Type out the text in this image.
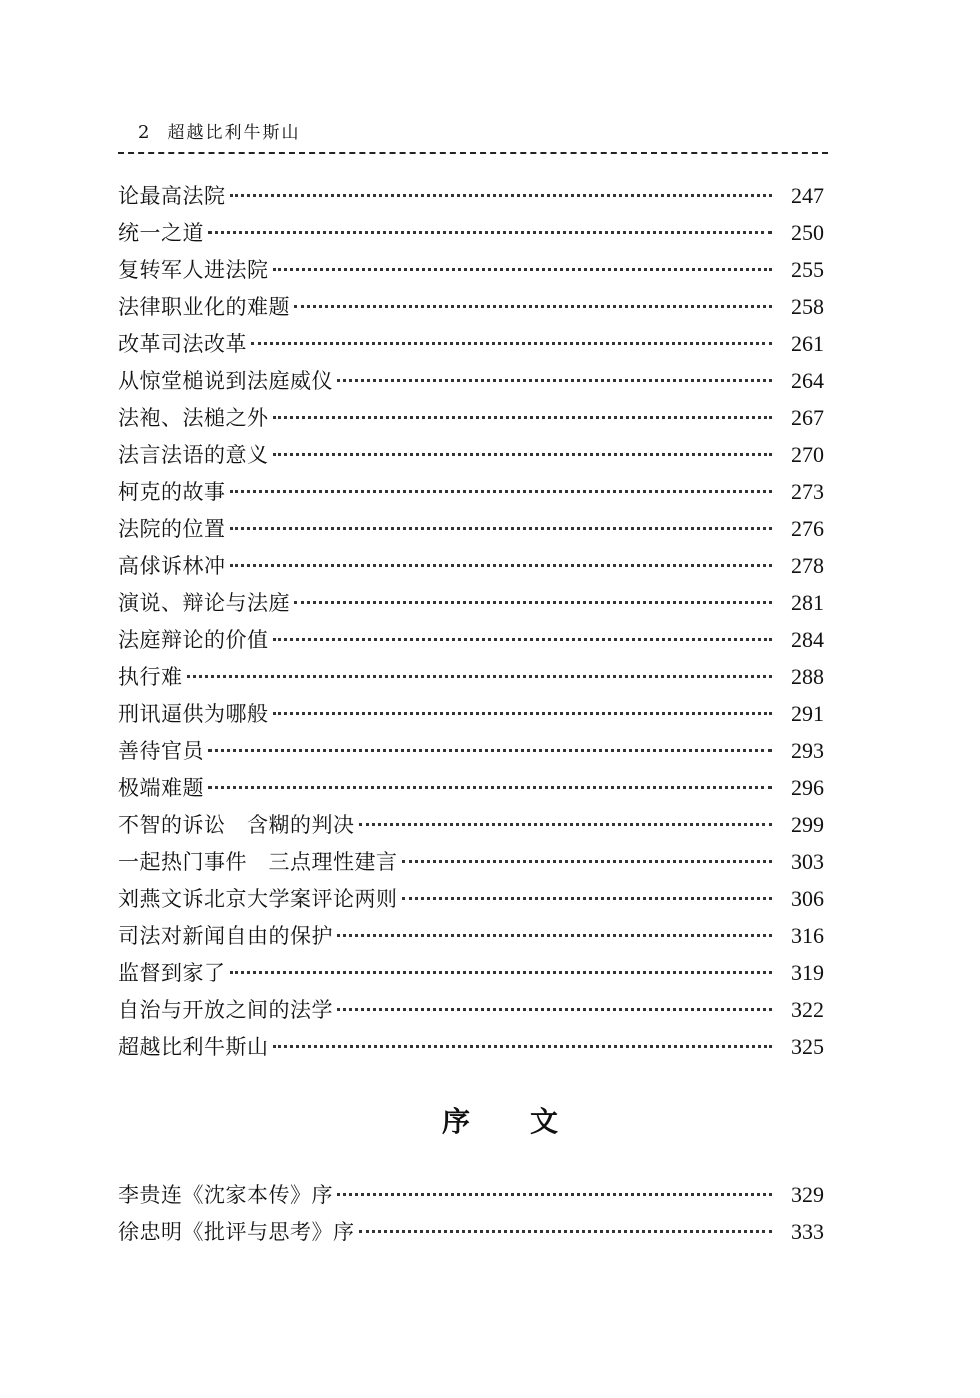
2 超越比利牛斯山
论最高法院	247
统一之道	250
复转军人进法院	255
法律职业化的难题	258
改革司法改革	261
从惊堂槌说到法庭威仪	264
法袍、法槌之外	267
法言法语的意义	270
柯克的故事	273
法院的位置	276
高俅诉林冲	278
演说、辩论与法庭	281
法庭辩论的价值	284
执行难	288
刑讯逼供为哪般	291
善待官员	293
极端难题	296
不智的诉讼　含糊的判决	299
一起热门事件　三点理性建言	303
刘燕文诉北京大学案评论两则	306
司法对新闻自由的保护	316
监督到家了	319
自治与开放之间的法学	322
超越比利牛斯山	325
序文
李贵连《沈家本传》序	329
徐忠明《批评与思考》序	333
